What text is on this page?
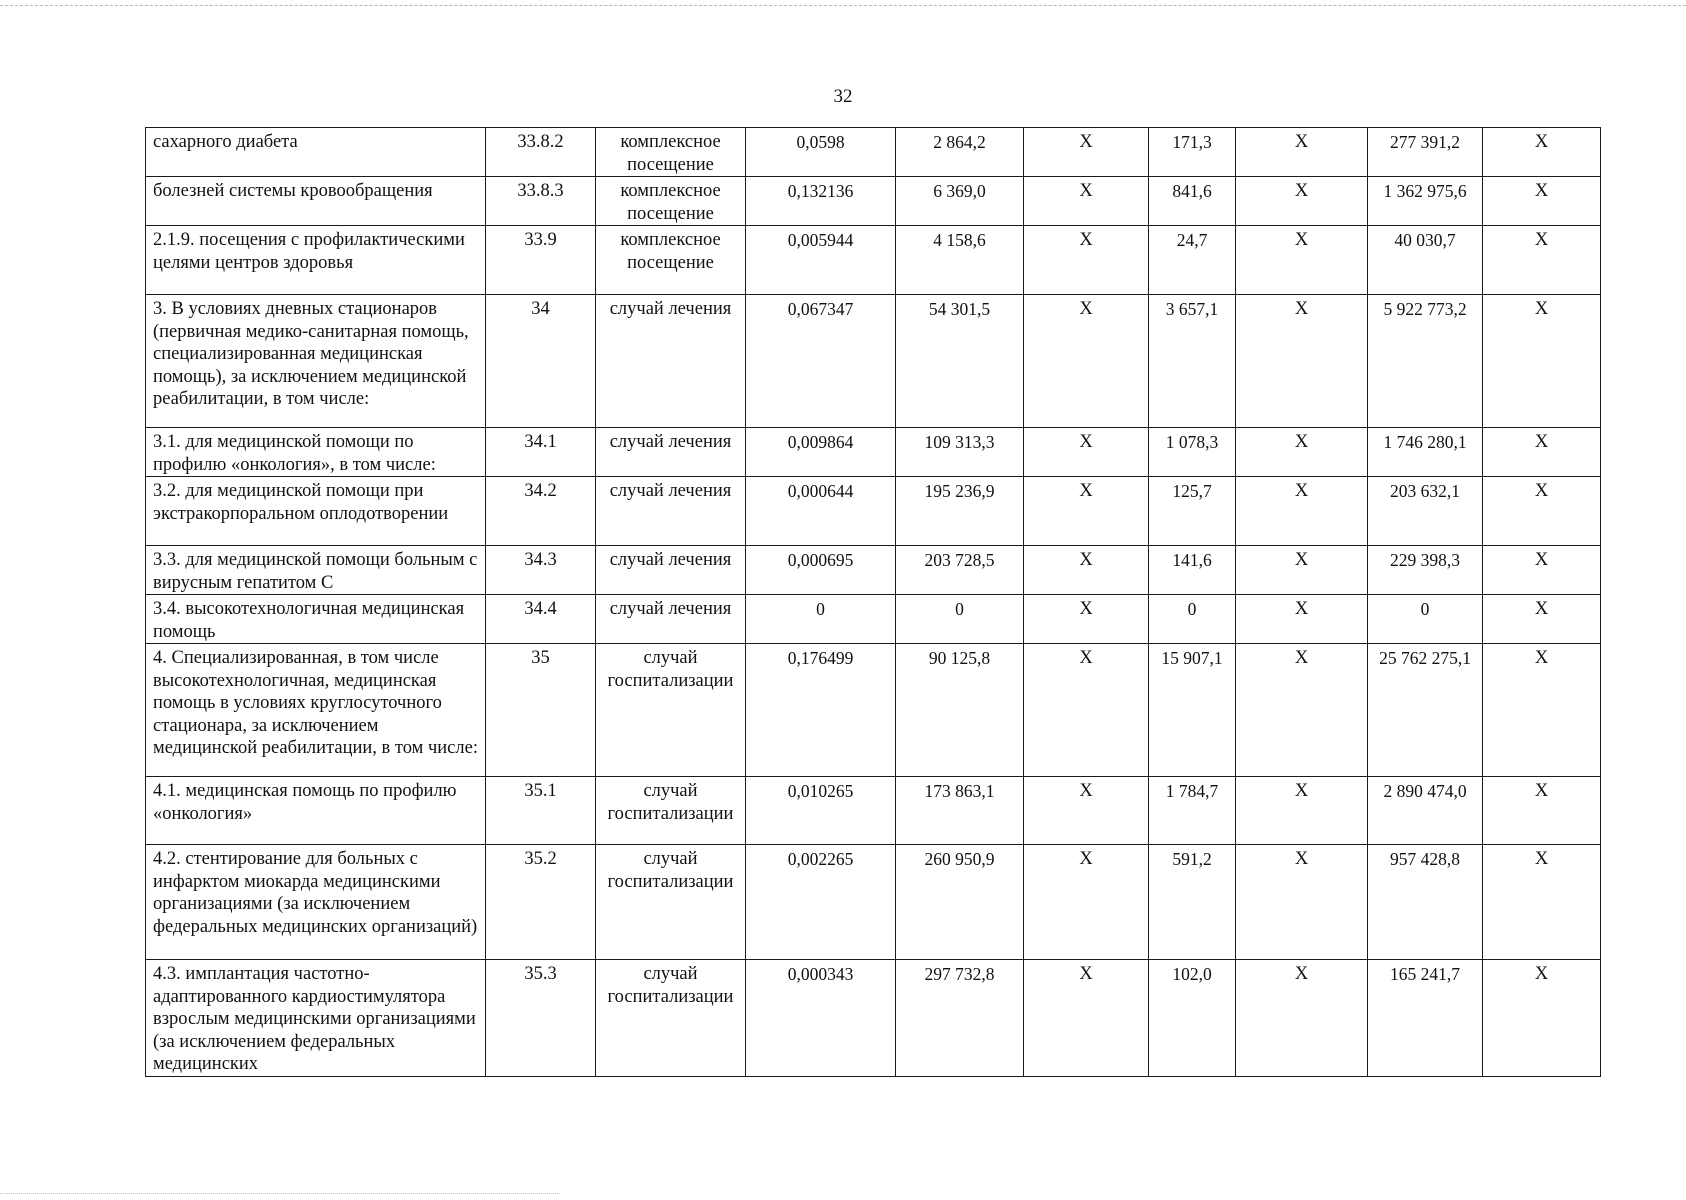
32
сахарного диабета	33.8.2	комплексное посещение	0,0598	2 864,2	Х	171,3	Х	277 391,2	Х
болезней системы кровообращения	33.8.3	комплексное посещение	0,132136	6 369,0	Х	841,6	Х	1 362 975,6	Х
2.1.9. посещения с профилактическими целями центров здоровья	33.9	комплексное посещение	0,005944	4 158,6	Х	24,7	Х	40 030,7	Х
3. В условиях дневных стационаров (первичная медико-санитарная помощь, специализированная медицинская помощь), за исключением медицинской реабилитации, в том числе:	34	случай лечения	0,067347	54 301,5	Х	3 657,1	Х	5 922 773,2	Х
3.1. для медицинской помощи по профилю «онкология», в том числе:	34.1	случай лечения	0,009864	109 313,3	Х	1 078,3	Х	1 746 280,1	Х
3.2. для медицинской помощи при экстракорпоральном оплодотворении	34.2	случай лечения	0,000644	195 236,9	Х	125,7	Х	203 632,1	Х
3.3. для медицинской помощи больным с вирусным гепатитом С	34.3	случай лечения	0,000695	203 728,5	Х	141,6	Х	229 398,3	Х
3.4. высокотехнологичная медицинская помощь	34.4	случай лечения	0	0	Х	0	Х	0	Х
4. Специализированная, в том числе высокотехнологичная, медицинская помощь в условиях круглосуточного стационара, за исключением медицинской реабилитации, в том числе:	35	случай госпитализации	0,176499	90 125,8	Х	15 907,1	Х	25 762 275,1	Х
4.1. медицинская помощь по профилю «онкология»	35.1	случай госпитализации	0,010265	173 863,1	Х	1 784,7	Х	2 890 474,0	Х
4.2. стентирование для больных с инфарктом миокарда медицинскими организациями (за исключением федеральных медицинских организаций)	35.2	случай госпитализации	0,002265	260 950,9	Х	591,2	Х	957 428,8	Х
4.3. имплантация частотно-адаптированного кардиостимулятора взрослым медицинскими организациями (за исключением федеральных медицинских	35.3	случай госпитализации	0,000343	297 732,8	Х	102,0	Х	165 241,7	Х
